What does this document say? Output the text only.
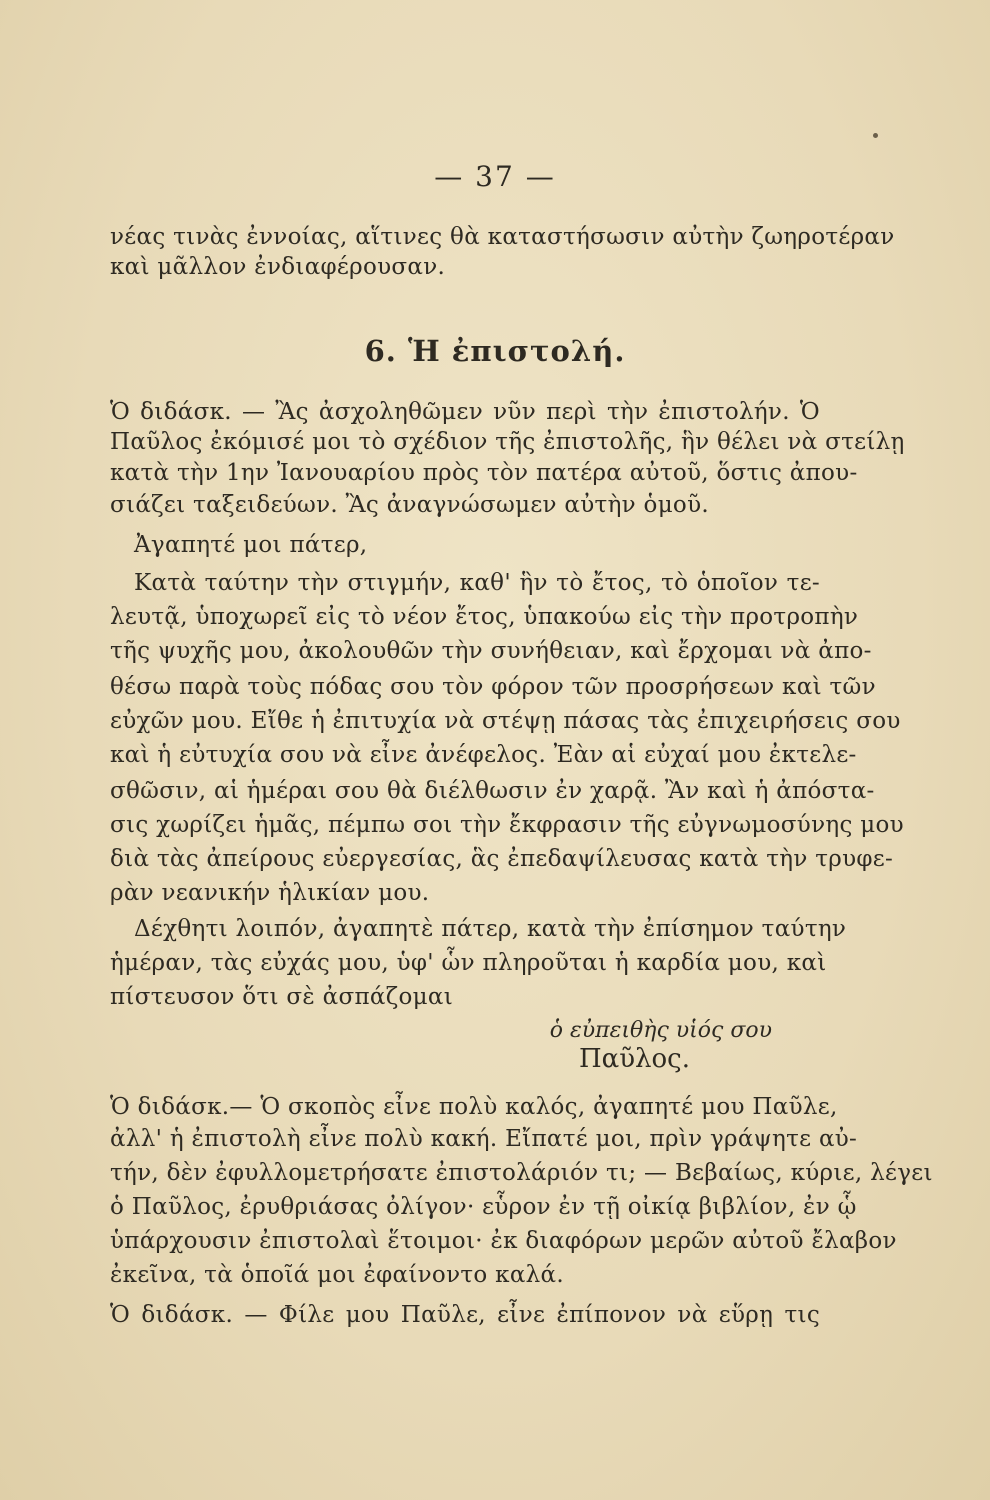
— 37 —
νέας τινὰς ἐννοίας, αἵτινες θὰ καταστήσωσιν αὐτὴν ζωηροτέραν
καὶ μᾶλλον ἐνδιαφέρουσαν.
6. Ἡ ἐπιστολή.
Ὁ διδάσκ. — Ἂς ἀσχοληθῶμεν νῦν περὶ τὴν ἐπιστολήν. Ὁ
Παῦλος ἐκόμισέ μοι τὸ σχέδιον τῆς ἐπιστολῆς, ἣν θέλει νὰ στείλῃ
κατὰ τὴν 1ην Ἰανουαρίου πρὸς τὸν πατέρα αὐτοῦ, ὅστις ἀπου-
σιάζει ταξειδεύων. Ἂς ἀναγνώσωμεν αὐτὴν ὁμοῦ.
Ἀγαπητέ μοι πάτερ,
Κατὰ ταύτην τὴν στιγμήν, καθ' ἣν τὸ ἔτος, τὸ ὁποῖον τε-
λευτᾷ, ὑποχωρεῖ εἰς τὸ νέον ἔτος, ὑπακούω εἰς τὴν προτροπὴν
τῆς ψυχῆς μου, ἀκολουθῶν τὴν συνήθειαν, καὶ ἔρχομαι νὰ ἀπο-
θέσω παρὰ τοὺς πόδας σου τὸν φόρον τῶν προσρήσεων καὶ τῶν
εὐχῶν μου. Εἴθε ἡ ἐπιτυχία νὰ στέψῃ πάσας τὰς ἐπιχειρήσεις σου
καὶ ἡ εὐτυχία σου νὰ εἶνε ἀνέφελος. Ἐὰν αἱ εὐχαί μου ἐκτελε-
σθῶσιν, αἱ ἡμέραι σου θὰ διέλθωσιν ἐν χαρᾷ. Ἂν καὶ ἡ ἀπόστα-
σις χωρίζει ἡμᾶς, πέμπω σοι τὴν ἔκφρασιν τῆς εὐγνωμοσύνης μου
διὰ τὰς ἀπείρους εὐεργεσίας, ἃς ἐπεδαψίλευσας κατὰ τὴν τρυφε-
ρὰν νεανικήν ἡλικίαν μου.
Δέχθητι λοιπόν, ἀγαπητὲ πάτερ, κατὰ τὴν ἐπίσημον ταύτην
ἡμέραν, τὰς εὐχάς μου, ὑφ' ὧν πληροῦται ἡ καρδία μου, καὶ
πίστευσον ὅτι σὲ ἀσπάζομαι
ὁ εὐπειθὴς υἱός σου
Παῦλος.
Ὁ διδάσκ.— Ὁ σκοπὸς εἶνε πολὺ καλός, ἀγαπητέ μου Παῦλε,
ἀλλ' ἡ ἐπιστολὴ εἶνε πολὺ κακή. Εἴπατέ μοι, πρὶν γράψητε αὐ-
τήν, δὲν ἐφυλλομετρήσατε ἐπιστολάριόν τι; — Βεβαίως, κύριε, λέγει
ὁ Παῦλος, ἐρυθριάσας ὀλίγον· εὗρον ἐν τῇ οἰκίᾳ βιβλίον, ἐν ᾧ
ὑπάρχουσιν ἐπιστολαὶ ἕτοιμοι· ἐκ διαφόρων μερῶν αὐτοῦ ἔλαβον
ἐκεῖνα, τὰ ὁποῖά μοι ἐφαίνοντο καλά.
Ὁ διδάσκ. — Φίλε μου Παῦλε, εἶνε ἐπίπονον νὰ εὕρῃ τις
